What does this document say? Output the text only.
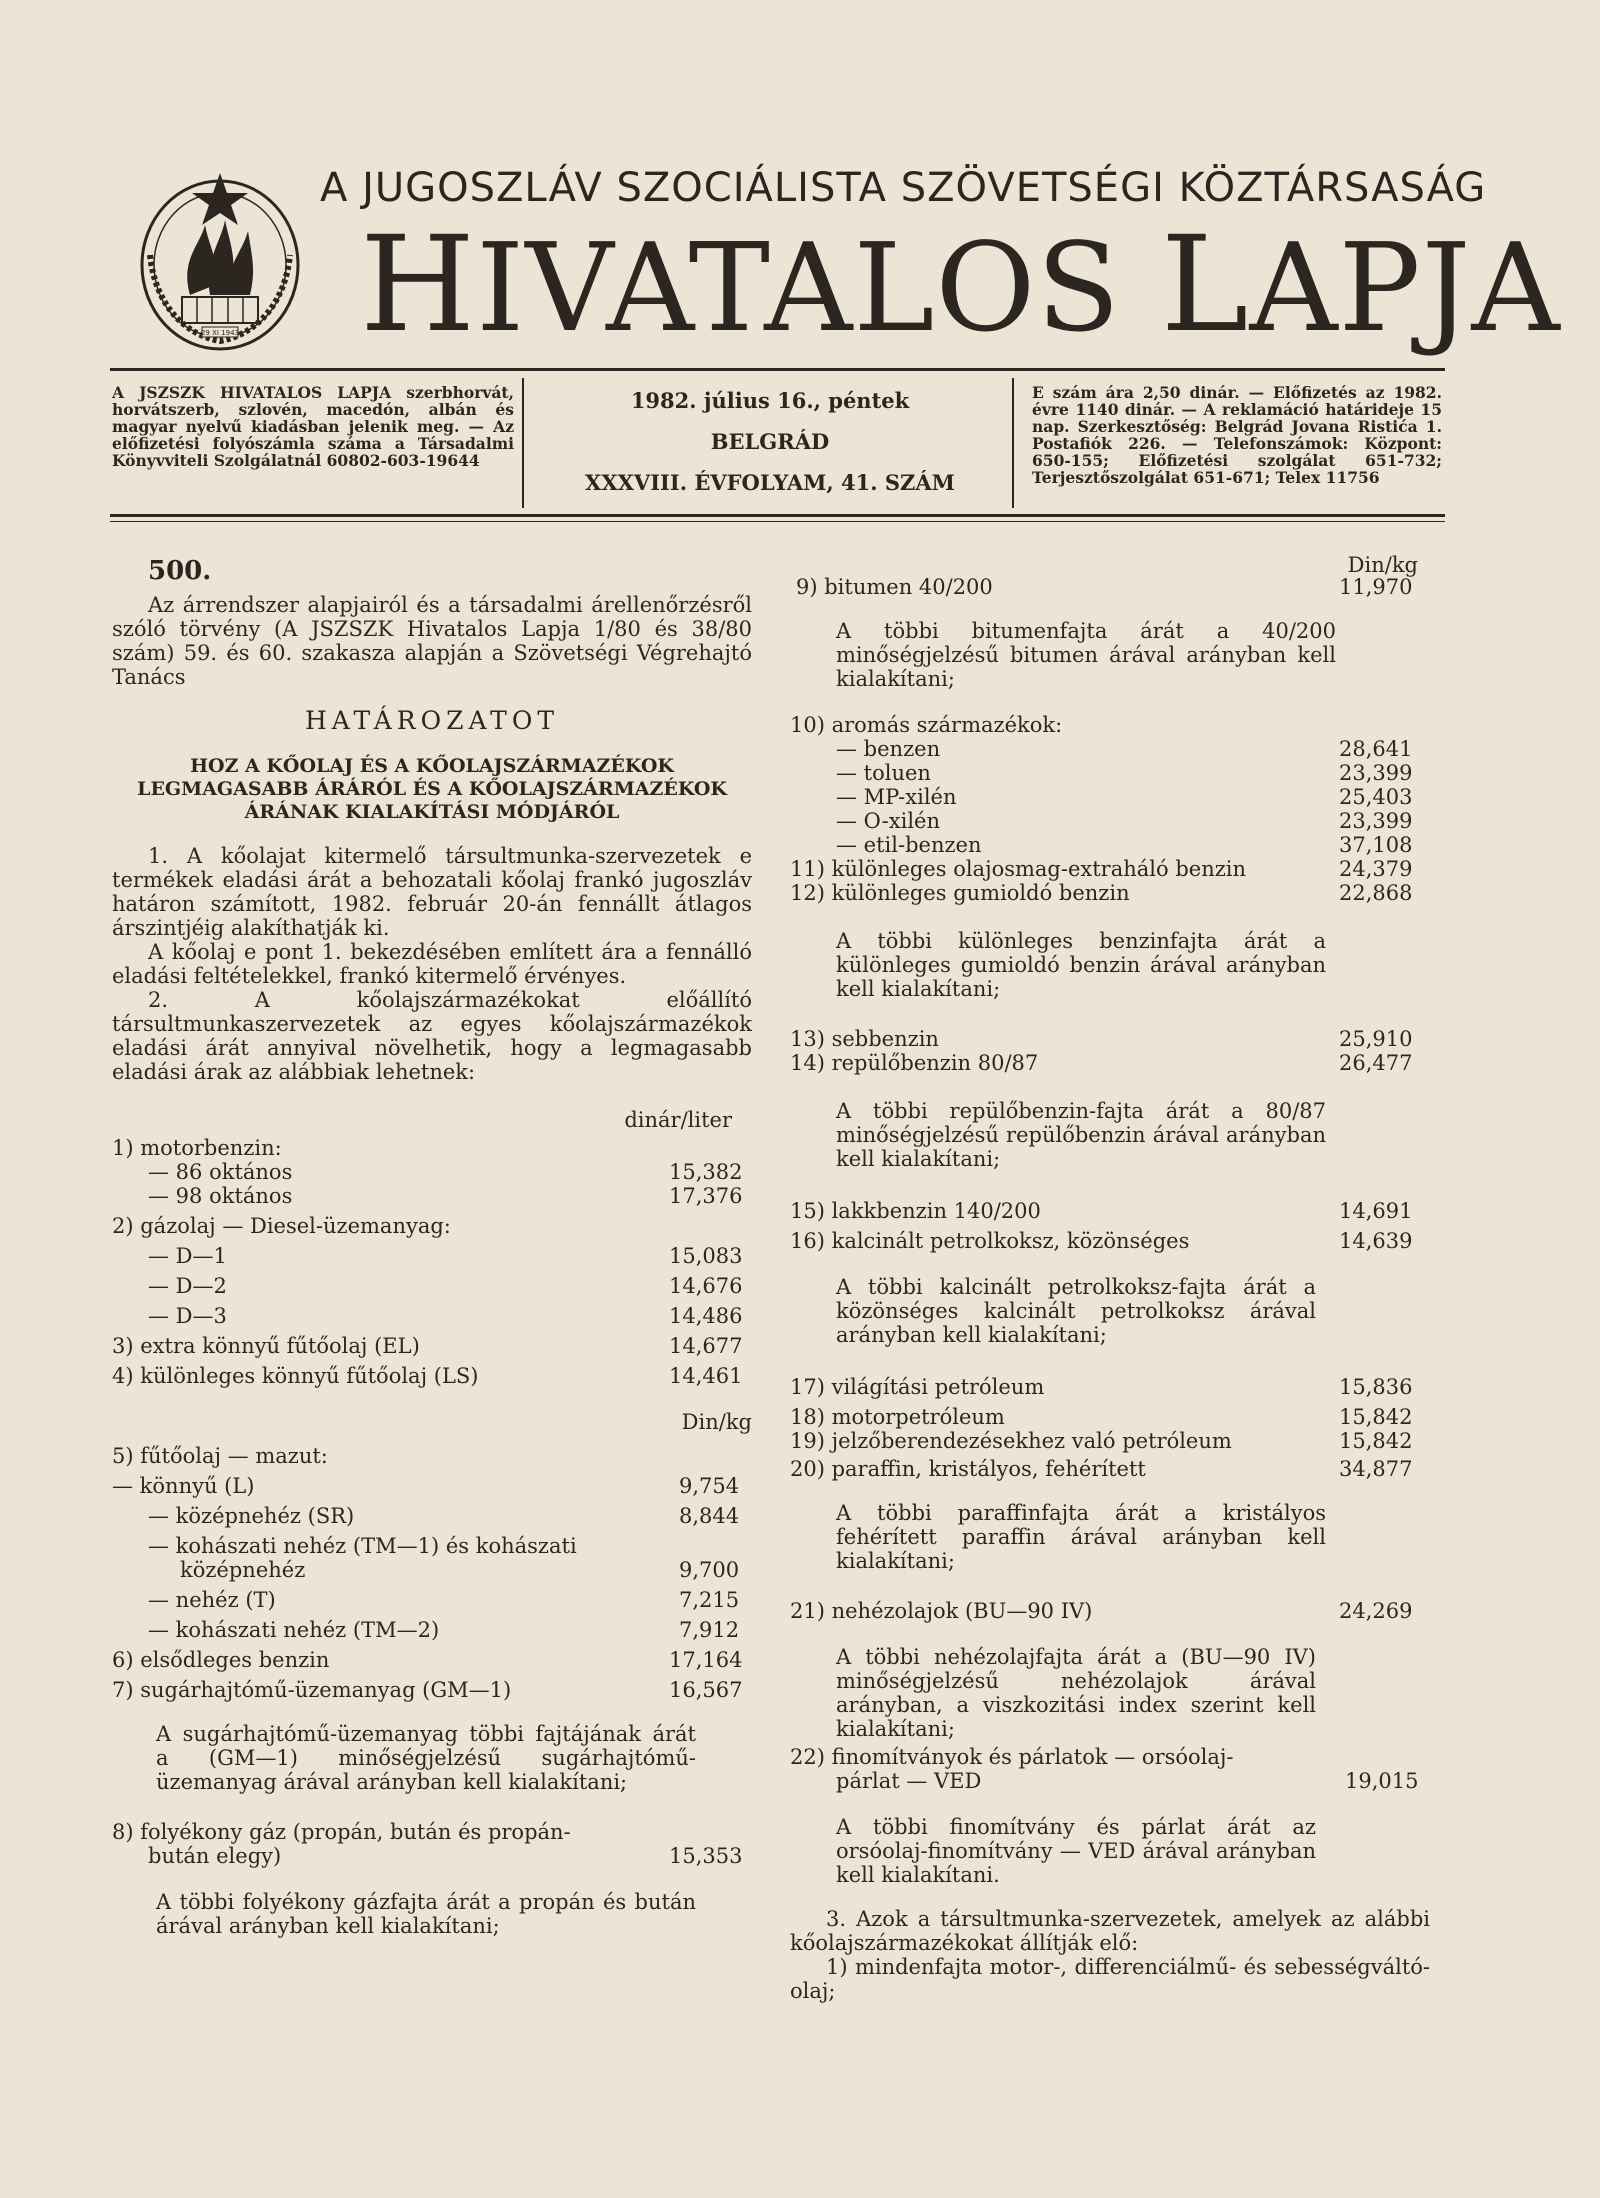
29 XI 1943
A JUGOSZLÁV SZOCIÁLISTA SZÖVETSÉGI KÖZTÁRSASÁG
HIVATALOS LAPJA
A JSZSZK HIVATALOS LAPJA szerbhorvát, horvátszerb, szlovén, macedón, albán és magyar nyelvű kiadásban jelenik meg. — Az előfizetési folyószámla száma a Társadalmi Könyvviteli Szolgálatnál 60802-603-19644
1982. július 16., péntek
BELGRÁD
XXXVIII. ÉVFOLYAM, 41. SZÁM
E szám ára 2,50 dinár. — Előfizetés az 1982. évre 1140 dinár. — A reklamáció határideje 15 nap. Szerkesztőség: Belgrád Jovana Ristića 1. Postafiók 226. — Telefonszámok: Központ: 650-155; Előfizetési szolgálat 651-732; Terjesztőszolgálat 651-671; Telex 11756
500.

Az árrendszer alapjairól és a társadalmi árellenőrzésről szóló törvény (A JSZSZK Hivatalos Lapja 1/80 és 38/80 szám) 59. és 60. szakasza alapján a Szövetségi Végrehajtó Tanács

HATÁROZATOT
HOZ A KŐOLAJ ÉS A KŐOLAJSZÁRMAZÉKOK LEGMAGASABB ÁRÁRÓL ÉS A KŐOLAJSZÁRMAZÉKOK ÁRÁNAK KIALAKÍTÁSI MÓDJÁRÓL

1. A kőolajat kitermelő társultmunka-szervezetek e termékek eladási árát a behozatali kőolaj frankó jugoszláv határon számított, 1982. február 20-án fennállt átlagos árszintjéig alakíthatják ki.

A kőolaj e pont 1. bekezdésében említett ára a fennálló eladási feltételekkel, frankó kitermelő érvényes.

2. A kőolajszármazékokat előállító társultmunkaszervezetek az egyes kőolajszármazékok eladási árát annyival növelhetik, hogy a legmagasabb eladási árak az alábbiak lehetnek:

dinár/liter
1) motorbenzin:
— 86 oktános	15,382
— 98 oktános	17,376
2) gázolaj — Diesel-üzemanyag:
— D—1	15,083
— D—2	14,676
— D—3	14,486
3) extra könnyű fűtőolaj (EL)	14,677
4) különleges könnyű fűtőolaj (LS)	14,461
Din/kg
5) fűtőolaj — mazut:
— könnyű (L)	9,754
— középnehéz (SR)	8,844
— kohászati nehéz (TM—1) és kohászati
középnehéz	9,700
— nehéz (T)	7,215
— kohászati nehéz (TM—2)	7,912
6) elsődleges benzin	17,164
7) sugárhajtómű-üzemanyag (GM—1)	16,567

A sugárhajtómű-üzemanyag többi fajtájának árát a (GM—1) minőségjelzésű sugárhajtómű-üzemanyag árával arányban kell kialakítani;

8) folyékony gáz (propán, bután és propán-
bután elegy)	15,353

A többi folyékony gázfajta árát a propán és bután árával arányban kell kialakítani;

Din/kg
9) bitumen 40/200	11,970

A többi bitumenfajta árát a 40/200 minőségjelzésű bitumen árával arányban kell kialakítani;

10) aromás származékok:
— benzen	28,641
— toluen	23,399
— MP-xilén	25,403
— O-xilén	23,399
— etil-benzen	37,108
11) különleges olajosmag-extraháló benzin	24,379
12) különleges gumioldó benzin	22,868

A többi különleges benzinfajta árát a különleges gumioldó benzin árával arányban kell kialakítani;

13) sebbenzin	25,910
14) repülőbenzin 80/87	26,477

A többi repülőbenzin-fajta árát a 80/87 minőségjelzésű repülőbenzin árával arányban kell kialakítani;

15) lakkbenzin 140/200	14,691
16) kalcinált petrolkoksz, közönséges	14,639

A többi kalcinált petrolkoksz-fajta árát a közönséges kalcinált petrolkoksz árával arányban kell kialakítani;

17) világítási petróleum	15,836
18) motorpetróleum	15,842
19) jelzőberendezésekhez való petróleum	15,842
20) paraffin, kristályos, fehérített	34,877

A többi paraffinfajta árát a kristályos fehérített paraffin árával arányban kell kialakítani;

21) nehézolajok (BU—90 IV)	24,269

A többi nehézolajfajta árát a (BU—90 IV) minőségjelzésű nehézolajok árával arányban, a viszkozitási index szerint kell kialakítani;

22) finomítványok és párlatok — orsóolaj-
párlat — VED	19,015

A többi finomítvány és párlat árát az orsóolaj-finomítvány — VED árával arányban kell kialakítani.

3. Azok a társultmunka-szervezetek, amelyek az alábbi kőolajszármazékokat állítják elő:

1) mindenfajta motor-, differenciálmű- és sebességváltó-olaj;
